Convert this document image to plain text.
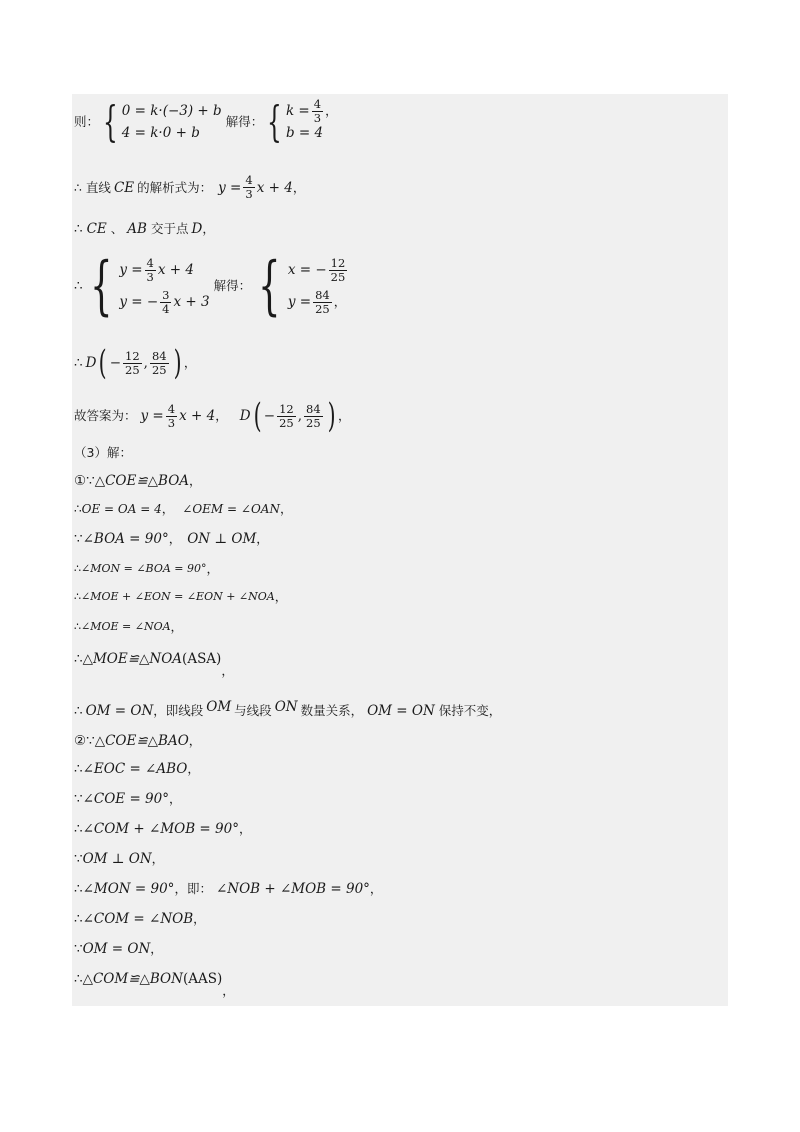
则： { 0 = k·(−3) + b
4 = k·0 + b
解得： { $k = \frac{4}{3}$ ，
b = 4
∴ 直线 CE 的解析式为： $y = \frac{4}{3}$ x + 4 ，
∴ CE 、 AB 交于点 D ，
∴ { $y = \frac{4}{3}$ x + 4
y = − $\frac{3}{4}$ x + 3
解得： { x = − $\frac{12}{25}$
$y = \frac{84}{25}$ ，
∴ D ( − $\frac{12}{25}$ , $\frac{84}{25}$ ) ，
故答案为： $y = \frac{4}{3}$ x + 4 ， D ( − $\frac{12}{25}$ , $\frac{84}{25}$ ) ，
（3）解：
①∵ △COE≌△BOA ，
∴ OE = OA = 4 ， ∠OEM = ∠OAN ，
∵ ∠BOA = 90° ， ON ⊥ OM ，
∴ ∠MON = ∠BOA = 90° ，
∴ ∠MOE + ∠EON = ∠EON + ∠NOA ，
∴ ∠MOE = ∠NOA ，
∴ △MOE≌△NOA (ASA)
，
∴ OM = ON ，即线段 OM 与线段 ON 数量关系， OM = ON 保持不变，
②∵ △COE≌△BAO ，
∴ ∠EOC = ∠ABO ，
∵ ∠COE = 90° ，
∴ ∠COM + ∠MOB = 90° ，
∵ OM ⊥ ON ，
∴ ∠MON = 90° ，即： ∠NOB + ∠MOB = 90° ，
∴ ∠COM = ∠NOB ，
∵ OM = ON ，
∴ △COM≌△BON (AAS)
，
